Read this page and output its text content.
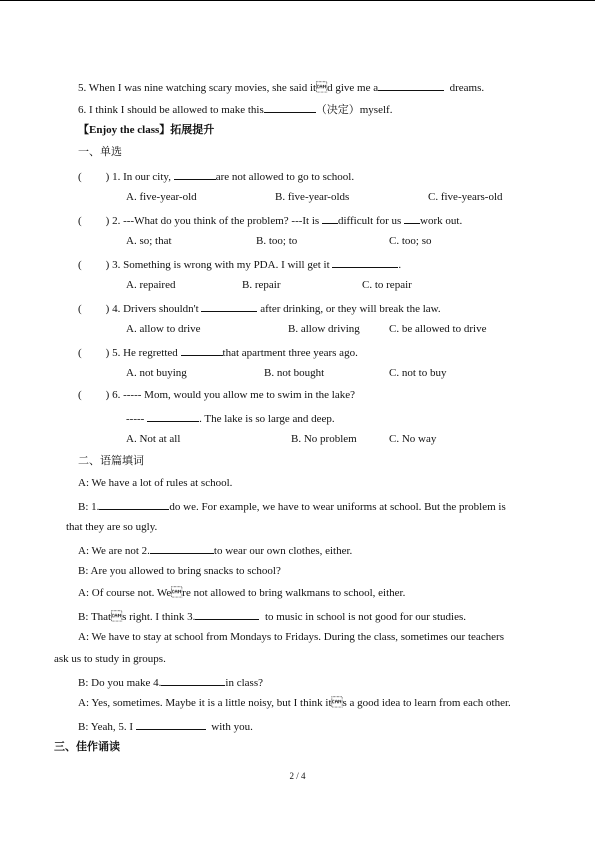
5. When I was nine watching scary movies, she said itd give me a	dreams.
6. I think I should be allowed to make this	（决定）myself.
【Enjoy the class】拓展提升
一、单选
( ) 1. In our city,	are not allowed to go to school.
A. five-year-old	B. five-year-olds	C. five-years-old
( ) 2. ---What do you think of the problem? ---It is difficult for us work out.
A. so; that	B. too; to	C. too; so
( ) 3. Something is wrong with my PDA. I will get it	.
A. repaired	B. repair	C. to repair
( ) 4. Drivers shouldn't	after drinking, or they will break the law.
A. allow to drive	B. allow driving	C. be allowed to drive
( ) 5. He regretted	that apartment three years ago.
A. not buying	B. not bought	C. not to buy
( ) 6. ----- Mom, would you allow me to swim in the lake?
-----	. The lake is so large and deep.
A. Not at all	B. No problem	C. No way
二、语篇填词
A: We have a lot of rules at school.
B: 1.	do we. For example, we have to wear uniforms at school. But the problem is
that they are so ugly.
A: We are not 2.	to wear our own clothes, either.
B: Are you allowed to bring snacks to school?
A: Of course not. Were not allowed to bring walkmans to school, either.
B: Thats right. I think 3.	to music in school is not good for our studies.
A: We have to stay at school from Mondays to Fridays. During the class, sometimes our teachers
ask us to study in groups.
B: Do you make 4.	in class?
A: Yes, sometimes. Maybe it is a little noisy, but I think its a good idea to learn from each other.
B: Yeah, 5. I	with you.
三、佳作诵读
2 / 4
